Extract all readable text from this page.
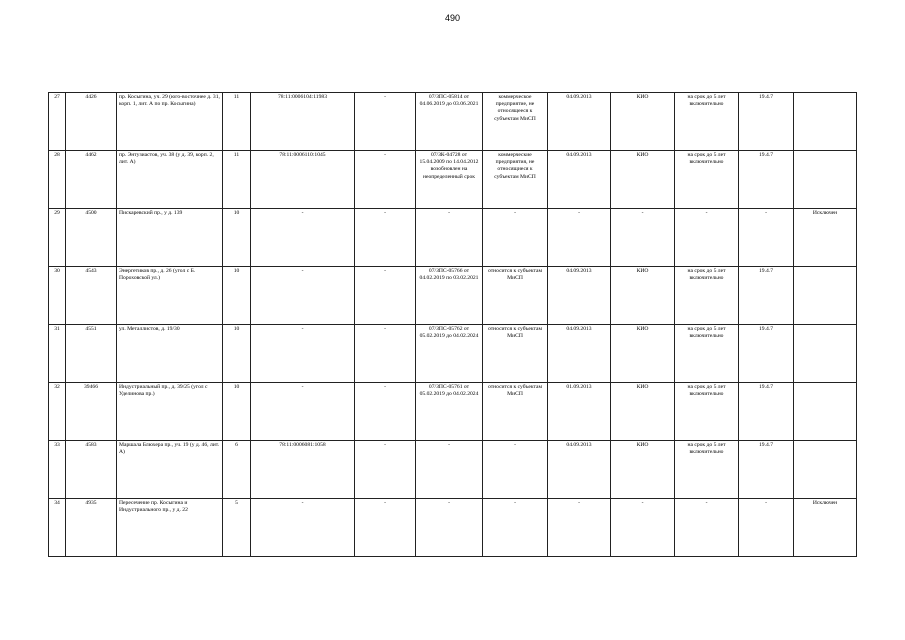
490
27	4426	пр. Косыгина, уч. 29 (юго-восточнее д. 31, корп. 1, лит. А по пр. Косыгина)	11	78:11:0006104:11983	-	07/ЗПС-05814 от 04.06.2019 до 03.06.2021	коммерческое предприятие, не относящееся к субъектам МиСП	04.09.2013	КИО	на срок до 5 лет включительно	19.4.7	
28	4462	пр. Энтузиастов, уч. 38 (у д. 39, корп. 2, лит. А)	11	78:11:0006110:1045	-	07/ЗК-04728 от 15.04.2009 по 14.04.2012 возобновлен на неопределенный срок	коммерческие предприятия, не относящиеся к субъектам МиСП	04.09.2013	КИО	на срок до 5 лет включительно	19.4.7	
29	4500	Пискаревский пр., у д. 139	10	-	-	-	-	-	-	-	-	Исключен
30	4543	Энергетиков пр., д. 26 (угол с Б. Пороховской ул.)	10	-	-	07/ЗПС-05766 от 04.02.2019 по 03.02.2021	относится к субъектам МиСП	04.09.2013	КИО	на срок до 5 лет включительно	19.4.7	
31	4551	ул. Металлистов, д. 19/30	10	-	-	07/ЗПС-05762 от 05.02.2019 до 04.02.2024	относится к субъектам МиСП	04.09.2013	КИО	на срок до 5 лет включительно	19.4.7	
32	39466	Индустриальный пр., д. 39/25 (угол с Уделинова пр.)	10	-	-	07/ЗПС-05761 от 05.02.2019 до 04.02.2024	относится к субъектам МиСП	01.09.2013	КИО	на срок до 5 лет включительно	19.4.7	
33	4583	Маршала Блюхера пр., уч. 19 (у д. 46, лит. А)	6	78:11:0006081:1058	-	-	-	04.09.2013	КИО	на срок до 5 лет включительно	19.4.7	
34	4935	Пересечение пр. Косыгина и Индустриального пр., у д. 22	5	-	-	-	-	-	-	-	-	Исключен
